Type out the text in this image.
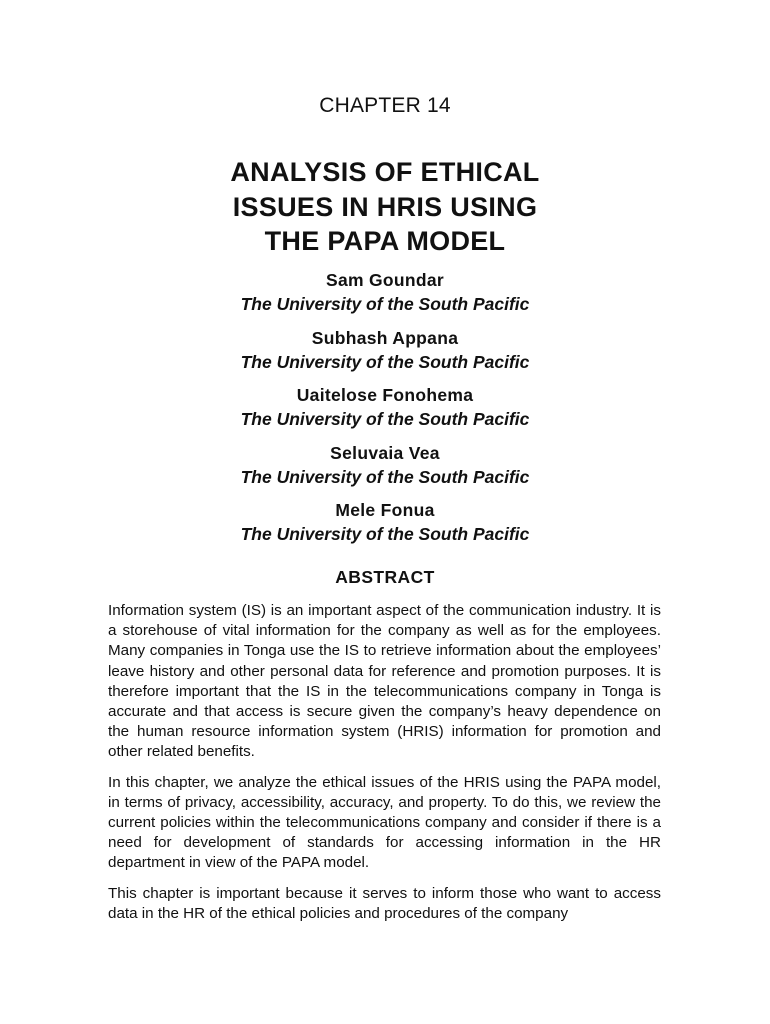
CHAPTER 14
ANALYSIS OF ETHICAL
ISSUES IN HRIS USING
THE PAPA MODEL
Sam Goundar
The University of the South Pacific
Subhash Appana
The University of the South Pacific
Uaitelose Fonohema
The University of the South Pacific
Seluvaia Vea
The University of the South Pacific
Mele Fonua
The University of the South Pacific
ABSTRACT

Information system (IS) is an important aspect of the communication industry. It is a storehouse of vital information for the company as well as for the employees. Many companies in Tonga use the IS to retrieve information about the employees’ leave history and other personal data for reference and promotion purposes. It is therefore important that the IS in the telecommunications company in Tonga is accurate and that access is secure given the company’s heavy dependence on the human resource information system (HRIS) information for promotion and other related benefits.

In this chapter, we analyze the ethical issues of the HRIS using the PAPA model, in terms of privacy, accessibility, accuracy, and property. To do this, we review the current policies within the telecommunications company and consider if there is a need for development of standards for accessing information in the HR department in view of the PAPA model.

This chapter is important because it serves to inform those who want to access data in the HR of the ethical policies and procedures of the company
